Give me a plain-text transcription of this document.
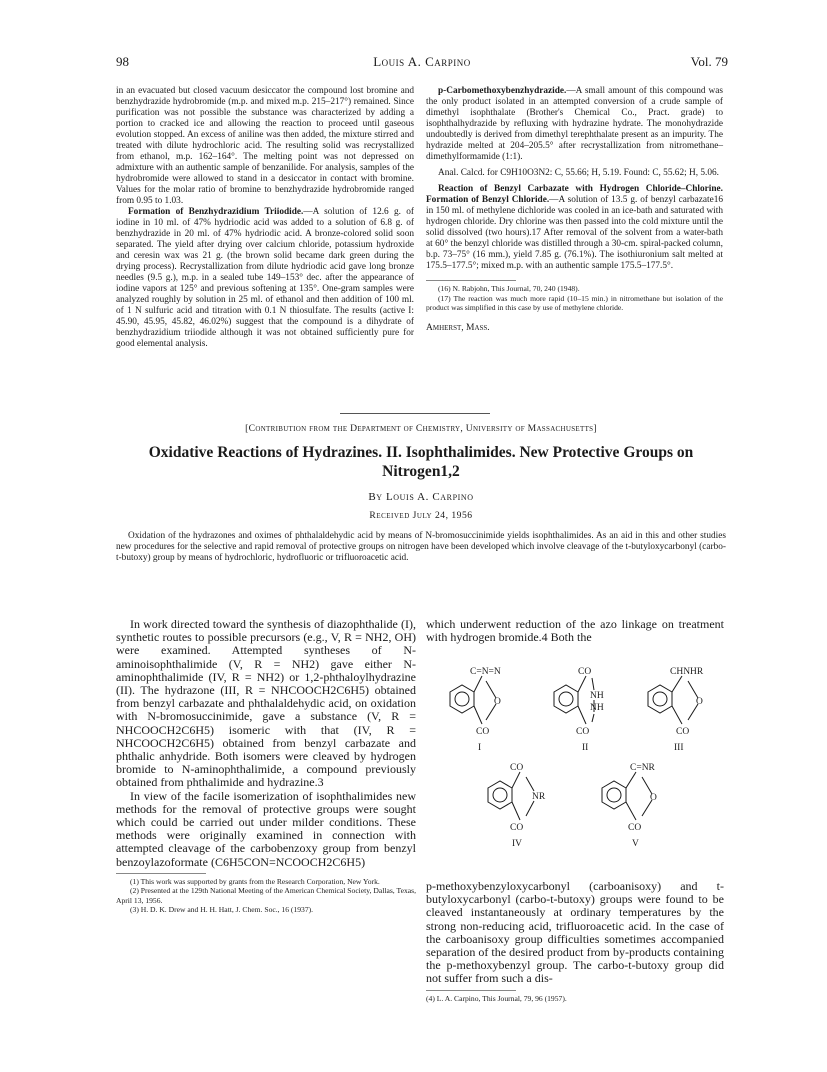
98	Louis A. Carpino	Vol. 79

in an evacuated but closed vacuum desiccator the compound lost bromine and benzhydrazide hydrobromide (m.p. and mixed m.p. 215–217°) remained. Since purification was not possible the substance was characterized by adding a portion to cracked ice and allowing the reaction to proceed until gaseous evolution stopped. An excess of aniline was then added, the mixture stirred and treated with dilute hydrochloric acid. The resulting solid was recrystallized from ethanol, m.p. 162–164°. The melting point was not depressed on admixture with an authentic sample of benzanilide. For analysis, samples of the hydrobromide were allowed to stand in a desiccator in contact with bromine. Values for the molar ratio of bromine to benzhydrazide hydrobromide ranged from 0.95 to 1.03.

Formation of Benzhydrazidium Triiodide.—A solution of 12.6 g. of iodine in 10 ml. of 47% hydriodic acid was added to a solution of 6.8 g. of benzhydrazide in 20 ml. of 47% hydriodic acid. A bronze-colored solid soon separated. The yield after drying over calcium chloride, potassium hydroxide and ceresin wax was 21 g. (the brown solid became dark green during the drying process). Recrystallization from dilute hydriodic acid gave long bronze needles (9.5 g.), m.p. in a sealed tube 149–153° dec. after the appearance of iodine vapors at 125° and previous softening at 135°. One-gram samples were analyzed roughly by solution in 25 ml. of ethanol and then addition of 100 ml. of 1 N sulfuric acid and titration with 0.1 N thiosulfate. The results (active I: 45.90, 45.95, 45.82, 46.02%) suggest that the compound is a dihydrate of benzhydrazidium triiodide although it was not obtained sufficiently pure for good elemental analysis.

p-Carbomethoxybenzhydrazide.—A small amount of this compound was the only product isolated in an attempted conversion of a crude sample of dimethyl isophthalate (Brother's Chemical Co., Pract. grade) to isophthalhydrazide by refluxing with hydrazine hydrate. The monohydrazide undoubtedly is derived from dimethyl terephthalate present as an impurity. The hydrazide melted at 204–205.5° after recrystallization from nitromethane–dimethylformamide (1:1).

Anal. Calcd. for C9H10O3N2: C, 55.66; H, 5.19. Found: C, 55.62; H, 5.06.

Reaction of Benzyl Carbazate with Hydrogen Chloride–Chlorine. Formation of Benzyl Chloride.—A solution of 13.5 g. of benzyl carbazate16 in 150 ml. of methylene dichloride was cooled in an ice-bath and saturated with hydrogen chloride. Dry chlorine was then passed into the cold mixture until the solid dissolved (two hours).17 After removal of the solvent from a water-bath at 60° the benzyl chloride was distilled through a 30-cm. spiral-packed column, b.p. 73–75° (16 mm.), yield 7.85 g. (76.1%). The isothiuronium salt melted at 175.5–177.5°; mixed m.p. with an authentic sample 175.5–177.5°.

(16) N. Rabjohn, This Journal, 70, 240 (1948).

(17) The reaction was much more rapid (10–15 min.) in nitromethane but isolation of the product was simplified in this case by use of methylene chloride.

Amherst, Mass.
[Contribution from the Department of Chemistry, University of Massachusetts]
Oxidative Reactions of Hydrazines. II. Isophthalimides. New Protective Groups on
Nitrogen1,2
By Louis A. Carpino
Received July 24, 1956
Oxidation of the hydrazones and oximes of phthalaldehydic acid by means of N-bromosuccinimide yields isophthalimides. As an aid in this and other studies new procedures for the selective and rapid removal of protective groups on nitrogen have been developed which involve cleavage of the t-butyloxycarbonyl (carbo-t-butoxy) group by means of hydrochloric, hydrofluoric or trifluoroacetic acid.

In work directed toward the synthesis of diazophthalide (I), synthetic routes to possible precursors (e.g., V, R = NH2, OH) were examined. Attempted syntheses of N-aminoisophthalimide (V, R = NH2) gave either N-aminophthalimide (IV, R = NH2) or 1,2-phthaloylhydrazine (II). The hydrazone (III, R = NHCOOCH2C6H5) obtained from benzyl carbazate and phthalaldehydic acid, on oxidation with N-bromosuccinimide, gave a substance (V, R = NHCOOCH2C6H5) isomeric with that (IV, R = NHCOOCH2C6H5) obtained from benzyl carbazate and phthalic anhydride. Both isomers were cleaved by hydrogen bromide to N-aminophthalimide, a compound previously obtained from phthalimide and hydrazine.3

In view of the facile isomerization of isophthalimides new methods for the removal of protective groups were sought which could be carried out under milder conditions. These methods were originally examined in connection with attempted cleavage of the carbobenzoxy group from benzyl benzoylazoformate (C6H5CON=NCOOCH2C6H5)

(1) This work was supported by grants from the Research Corporation, New York.

(2) Presented at the 129th National Meeting of the American Chemical Society, Dallas, Texas, April 13, 1956.

(3) H. D. K. Drew and H. H. Hatt, J. Chem. Soc., 16 (1937).

which underwent reduction of the azo linkage on treatment with hydrogen bromide.4 Both the

C=N=N
O
CO
I
CO
NH
NH
CO
II
CHNHR
O
CO
III
CO
NR
CO
IV
C=NR
O
CO
V

p-methoxybenzyloxycarbonyl (carboanisoxy) and t-butyloxycarbonyl (carbo-t-butoxy) groups were found to be cleaved instantaneously at ordinary temperatures by the strong non-reducing acid, trifluoroacetic acid. In the case of the carboanisoxy group difficulties sometimes accompanied separation of the desired product from by-products containing the p-methoxybenzyl group. The carbo-t-butoxy group did not suffer from such a dis-

(4) L. A. Carpino, This Journal, 79, 96 (1957).
